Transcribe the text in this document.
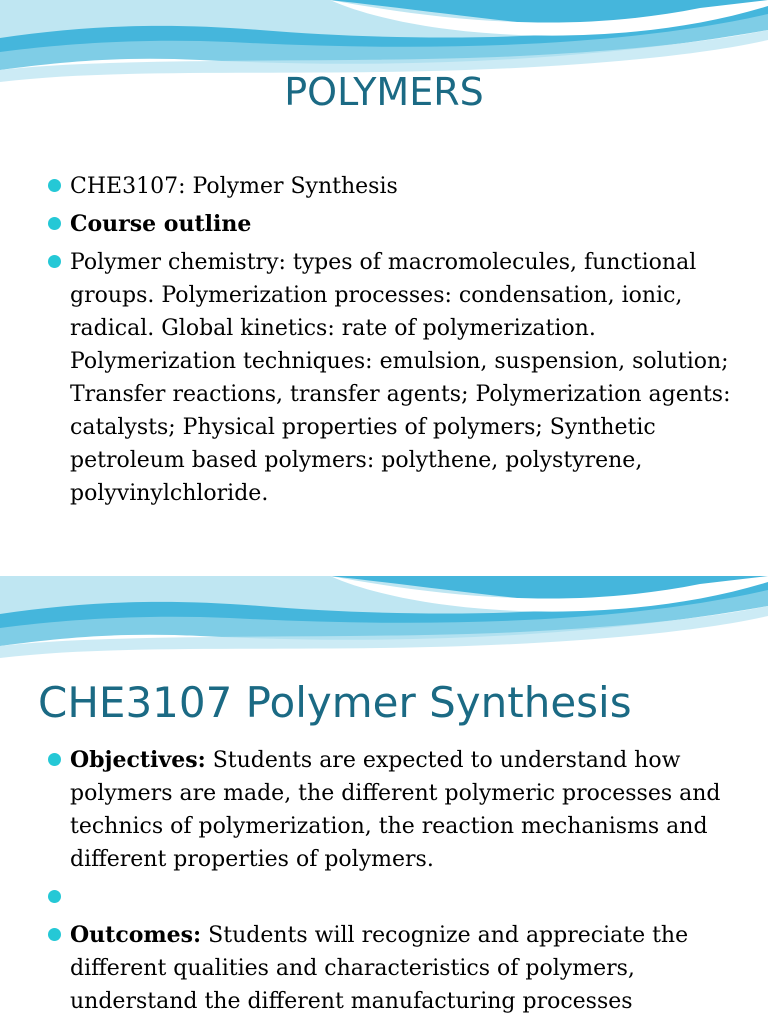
POLYMERS
CHE3107: Polymer Synthesis
Course outline
Polymer chemistry: types of macromolecules, functional groups. Polymerization processes: condensation, ionic, radical. Global kinetics: rate of polymerization. Polymerization techniques: emulsion, suspension, solution; Transfer reactions, transfer agents; Polymerization agents: catalysts; Physical properties of polymers; Synthetic petroleum based polymers: polythene, polystyrene, polyvinylchloride.
CHE3107 Polymer Synthesis
Objectives: Students are expected to understand how polymers are made, the different polymeric processes and technics of polymerization, the reaction mechanisms and different properties of polymers.
Outcomes: Students will recognize and appreciate the different qualities and characteristics of polymers, understand the different manufacturing processes
